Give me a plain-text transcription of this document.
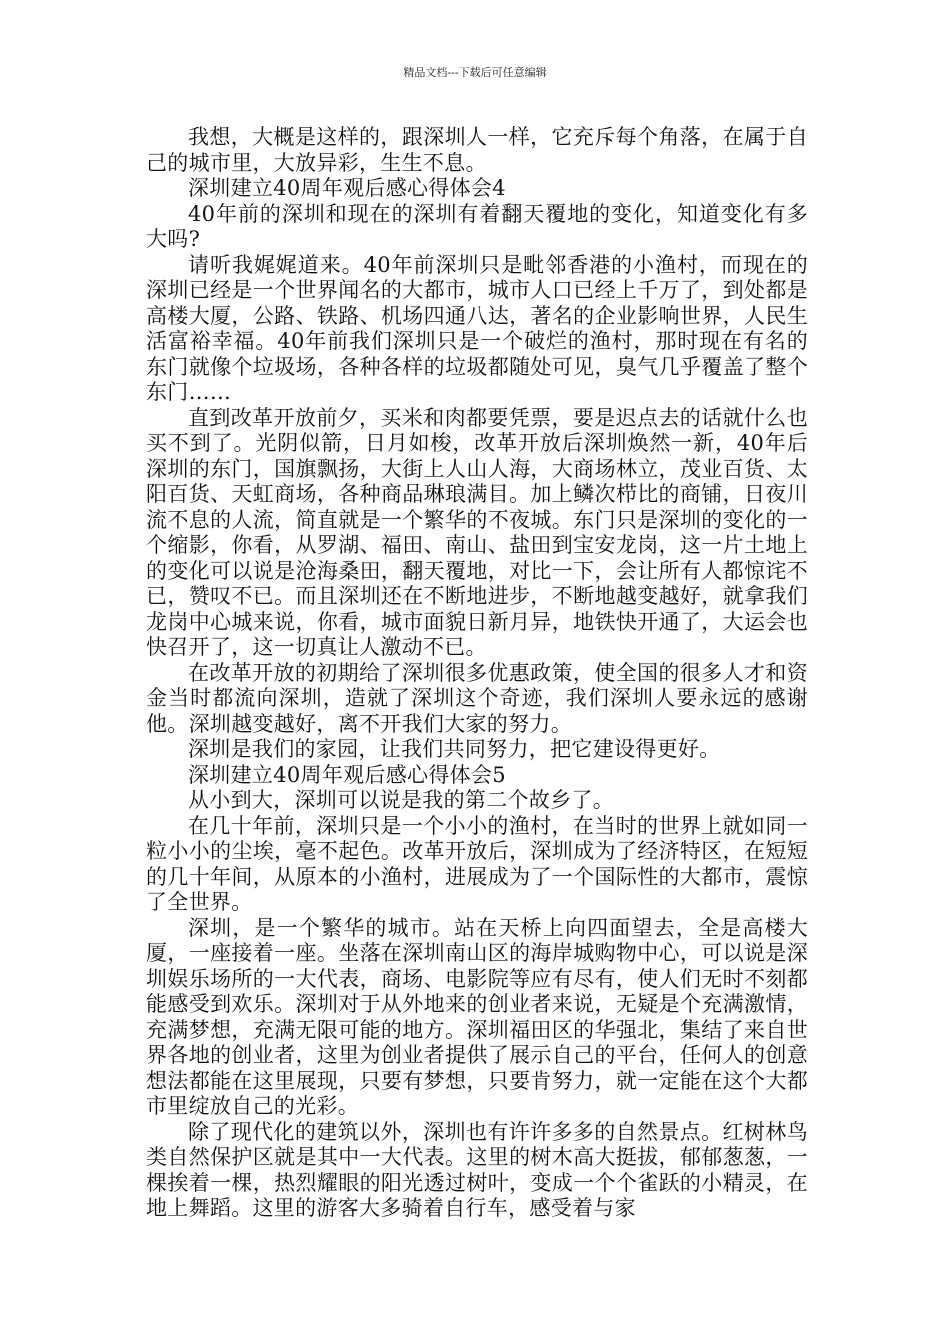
精品文档---下载后可任意编辑

我想，大概是这样的，跟深圳人一样，它充斥每个角落，在属于自己的城市里，大放异彩，生生不息。

深圳建立40周年观后感心得体会4

40年前的深圳和现在的深圳有着翻天覆地的变化，知道变化有多大吗?

请听我娓娓道来。40年前深圳只是毗邻香港的小渔村，而现在的深圳已经是一个世界闻名的大都市，城市人口已经上千万了，到处都是高楼大厦，公路、铁路、机场四通八达，著名的企业影响世界，人民生活富裕幸福。40年前我们深圳只是一个破烂的渔村，那时现在有名的东门就像个垃圾场，各种各样的垃圾都随处可见，臭气几乎覆盖了整个东门……

直到改革开放前夕，买米和肉都要凭票，要是迟点去的话就什么也买不到了。光阴似箭，日月如梭，改革开放后深圳焕然一新，40年后深圳的东门，国旗飘扬，大街上人山人海，大商场林立，茂业百货、太阳百货、天虹商场，各种商品琳琅满目。加上鳞次栉比的商铺，日夜川流不息的人流，简直就是一个繁华的不夜城。东门只是深圳的变化的一个缩影，你看，从罗湖、福田、南山、盐田到宝安龙岗，这一片土地上的变化可以说是沧海桑田，翻天覆地，对比一下，会让所有人都惊诧不已，赞叹不已。而且深圳还在不断地进步，不断地越变越好，就拿我们龙岗中心城来说，你看，城市面貌日新月异，地铁快开通了，大运会也快召开了，这一切真让人激动不已。

在改革开放的初期给了深圳很多优惠政策，使全国的很多人才和资金当时都流向深圳，造就了深圳这个奇迹，我们深圳人要永远的感谢他。深圳越变越好，离不开我们大家的努力。

深圳是我们的家园，让我们共同努力，把它建设得更好。

深圳建立40周年观后感心得体会5

从小到大，深圳可以说是我的第二个故乡了。

在几十年前，深圳只是一个小小的渔村，在当时的世界上就如同一粒小小的尘埃，毫不起色。改革开放后，深圳成为了经济特区，在短短的几十年间，从原本的小渔村，进展成为了一个国际性的大都市，震惊了全世界。

深圳，是一个繁华的城市。站在天桥上向四面望去，全是高楼大厦，一座接着一座。坐落在深圳南山区的海岸城购物中心，可以说是深圳娱乐场所的一大代表，商场、电影院等应有尽有，使人们无时不刻都能感受到欢乐。深圳对于从外地来的创业者来说，无疑是个充满激情，充满梦想，充满无限可能的地方。深圳福田区的华强北，集结了来自世界各地的创业者，这里为创业者提供了展示自己的平台，任何人的创意想法都能在这里展现，只要有梦想，只要肯努力，就一定能在这个大都市里绽放自己的光彩。

除了现代化的建筑以外，深圳也有许许多多的自然景点。红树林鸟类自然保护区就是其中一大代表。这里的树木高大挺拔，郁郁葱葱，一棵挨着一棵，热烈耀眼的阳光透过树叶，变成一个个雀跃的小精灵，在地上舞蹈。这里的游客大多骑着自行车，感受着与家
